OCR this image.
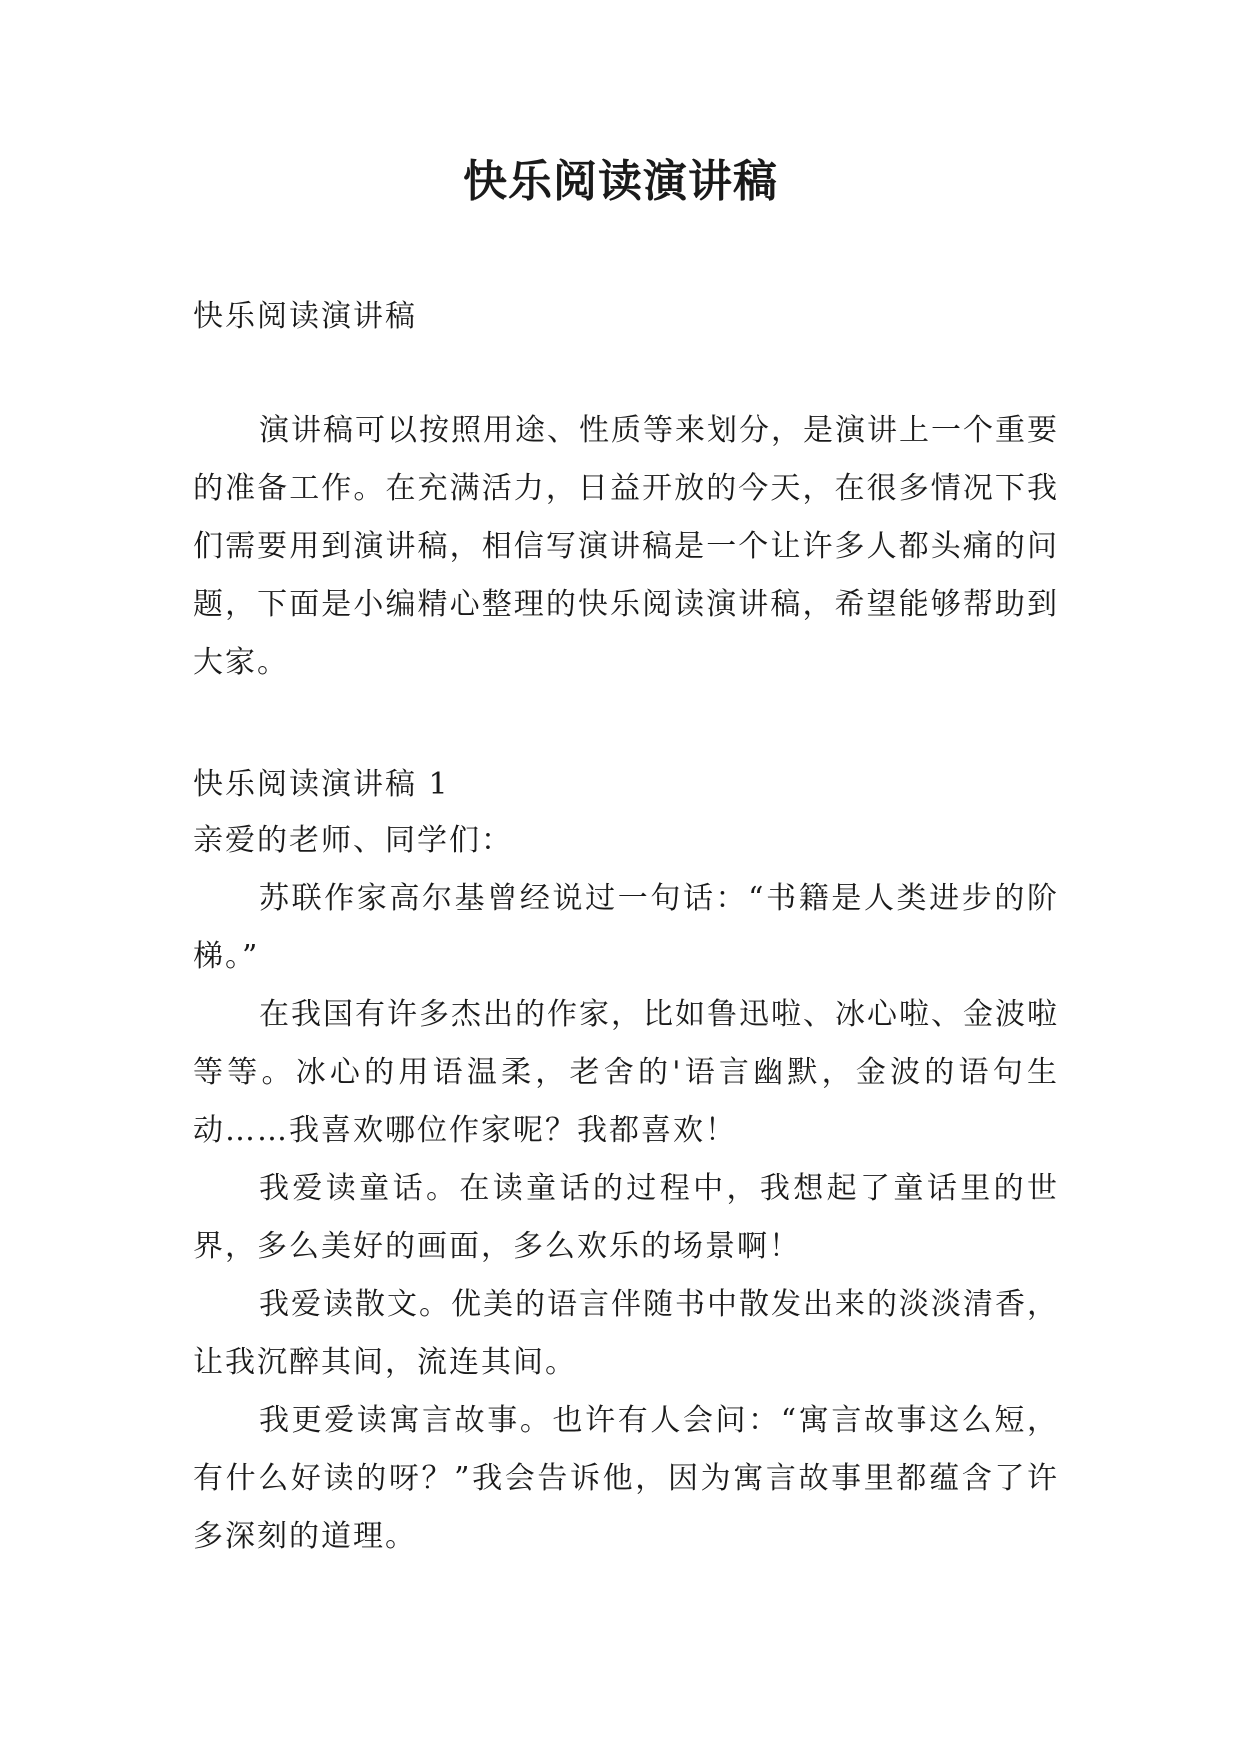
快乐阅读演讲稿

快乐阅读演讲稿

演讲稿可以按照用途、性质等来划分，是演讲上一个重要的准备工作。在充满活力，日益开放的今天，在很多情况下我们需要用到演讲稿，相信写演讲稿是一个让许多人都头痛的问题，下面是小编精心整理的快乐阅读演讲稿，希望能够帮助到大家。

快乐阅读演讲稿 1

亲爱的老师、同学们：

苏联作家高尔基曾经说过一句话：“书籍是人类进步的阶梯。”

在我国有许多杰出的作家，比如鲁迅啦、冰心啦、金波啦等等。冰心的用语温柔，老舍的'语言幽默，金波的语句生动……我喜欢哪位作家呢？我都喜欢！

我爱读童话。在读童话的过程中，我想起了童话里的世界，多么美好的画面，多么欢乐的场景啊！

我爱读散文。优美的语言伴随书中散发出来的淡淡清香，让我沉醉其间，流连其间。

我更爱读寓言故事。也许有人会问：“寓言故事这么短，有什么好读的呀？”我会告诉他，因为寓言故事里都蕴含了许多深刻的道理。
